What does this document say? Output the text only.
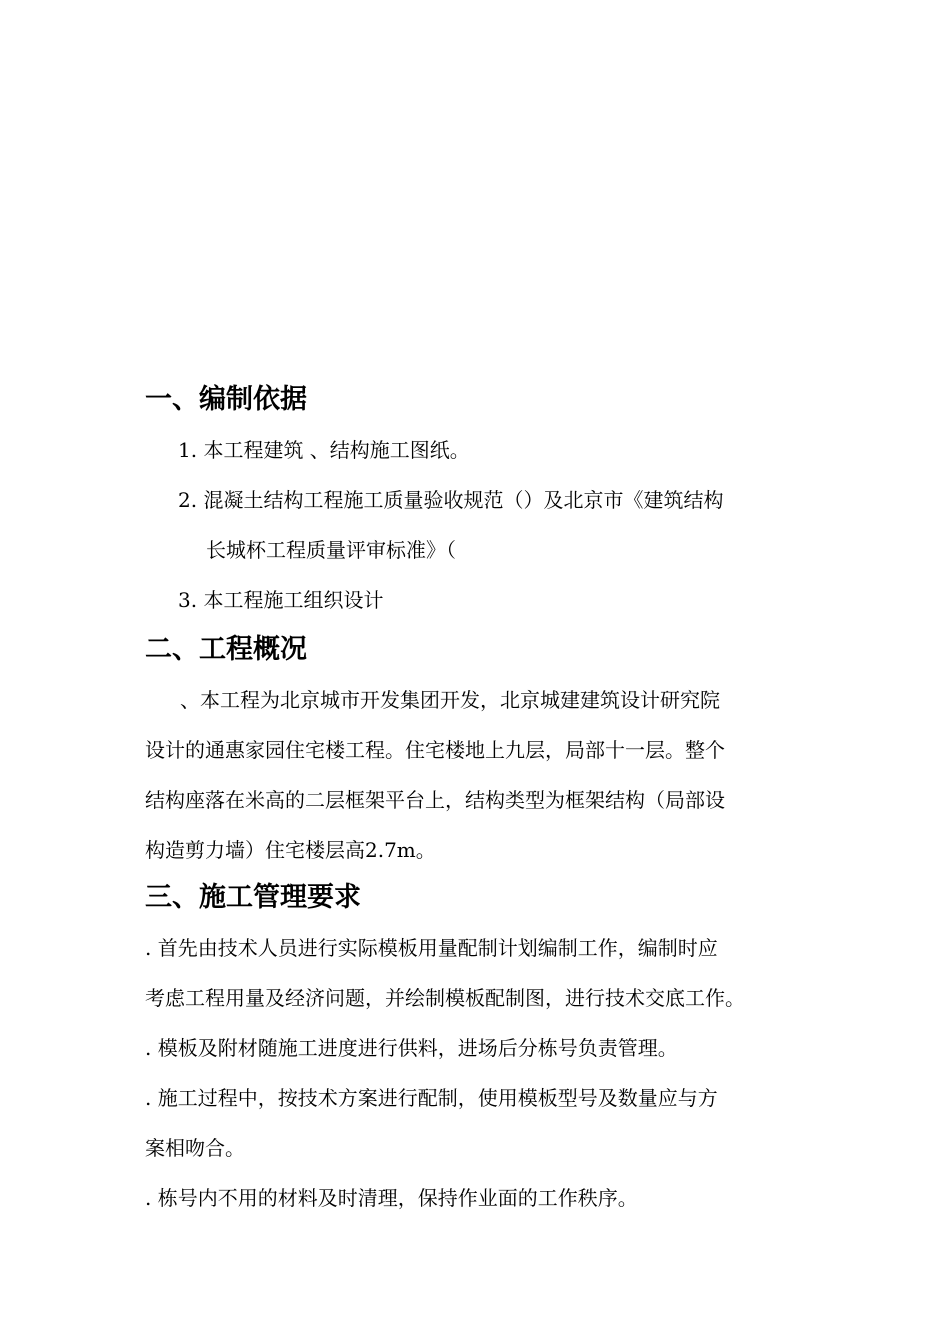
一、编制依据
1. 本工程建筑 、结构施工图纸。
2. 混凝土结构工程施工质量验收规范（）及北京市《建筑结构
长城杯工程质量评审标准》（
3. 本工程施工组织设计
二、工程概况
、本工程为北京城市开发集团开发，北京城建建筑设计研究院
设计的通惠家园住宅楼工程。住宅楼地上九层，局部十一层。整个
结构座落在米高的二层框架平台上，结构类型为框架结构（局部设
构造剪力墙）住宅楼层高2.7m。
三、施工管理要求
. 首先由技术人员进行实际模板用量配制计划编制工作，编制时应
考虑工程用量及经济问题，并绘制模板配制图，进行技术交底工作。
. 模板及附材随施工进度进行供料，进场后分栋号负责管理。
. 施工过程中，按技术方案进行配制，使用模板型号及数量应与方
案相吻合。
. 栋号内不用的材料及时清理，保持作业面的工作秩序。
